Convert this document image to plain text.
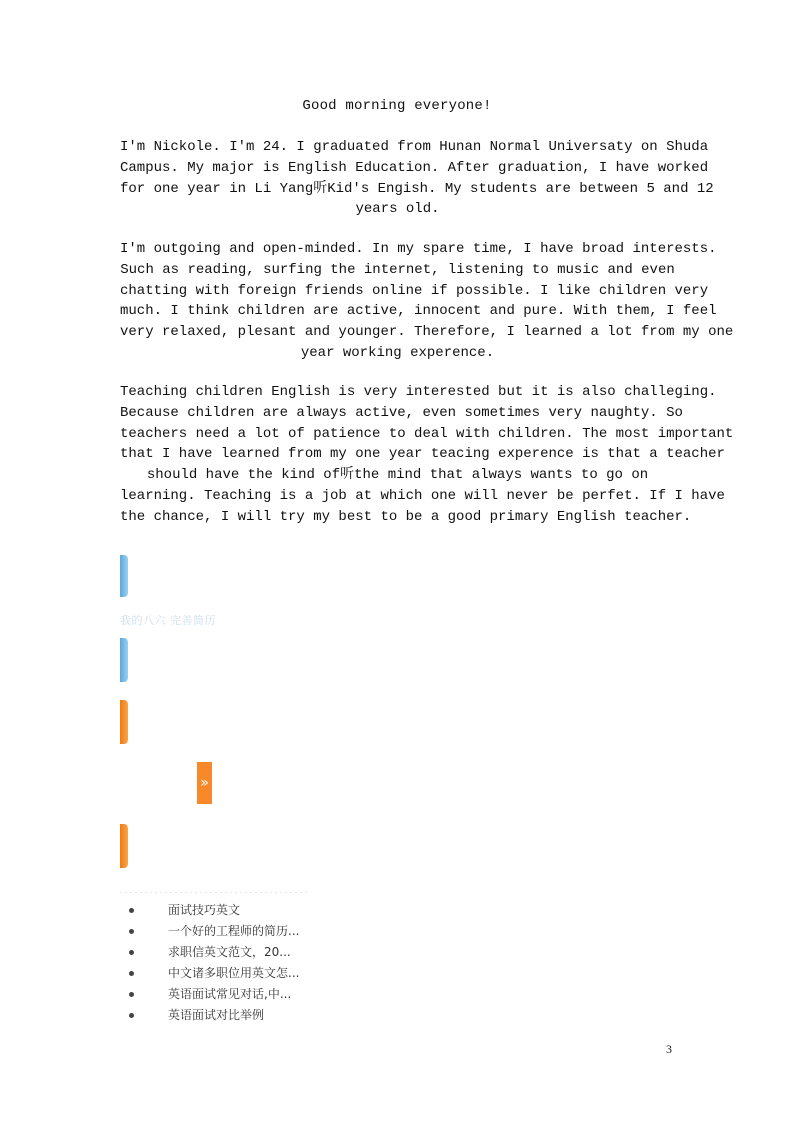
Good morning everyone!
I'm Nickole. I'm 24. I graduated from Hunan Normal Universaty on Shuda
Campus. My major is English Education. After graduation, I have worked
for one year in Li Yang听Kid's Engish. My students are between 5 and 12
years old.
I'm outgoing and open-minded. In my spare time, I have broad interests.
Such as reading, surfing the internet, listening to music and even
chatting with foreign friends online if possible. I like children very
much. I think children are active, innocent and pure. With them, I feel
very relaxed, plesant and younger. Therefore, I learned a lot from my one
year working experence.
Teaching children English is very interested but it is also challeging.
Because children are always active, even sometimes very naughty. So
teachers need a lot of patience to deal with children. The most important
that I have learned from my one year teacing experence is that a teacher
should have the kind of听the mind that always wants to go on
learning. Teaching is a job at which one will never be perfet. If I have
the chance, I will try my best to be a good primary English teacher.
我的八六 完善简历
»
面试技巧英文
一个好的工程师的简历...
求职信英文范文，20...
中文诸多职位用英文怎...
英语面试常见对话,中...
英语面试对比举例
3
